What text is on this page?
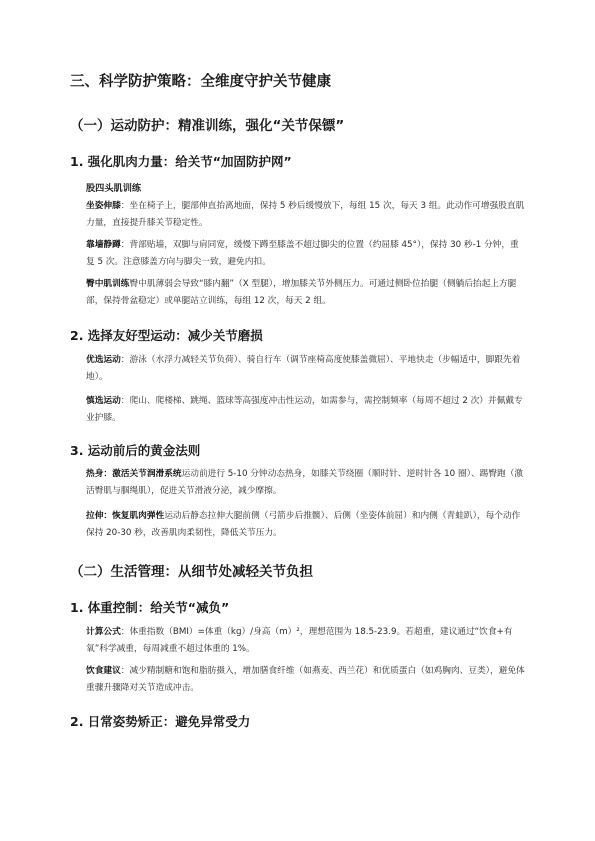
三、科学防护策略：全维度守护关节健康
（一）运动防护：精准训练，强化“关节保镖”
1. 强化肌肉力量：给关节“加固防护网”
股四头肌训练
坐姿伸膝：坐在椅子上，腿部伸直抬离地面，保持 5 秒后缓慢放下，每组 15 次，每天 3 组。此动作可增强股直肌力量，直接提升膝关节稳定性。
靠墙静蹲：背部贴墙，双脚与肩同宽，缓慢下蹲至膝盖不超过脚尖的位置（约屈膝 45°），保持 30 秒-1 分钟，重复 5 次。注意膝盖方向与脚尖一致，避免内扣。
臀中肌训练臀中肌薄弱会导致“膝内翻”（X 型腿），增加膝关节外侧压力。可通过侧卧位抬腿（侧躺后抬起上方腿部，保持骨盆稳定）或单腿站立训练，每组 12 次，每天 2 组。
2. 选择友好型运动：减少关节磨损
优选运动：游泳（水浮力减轻关节负荷）、骑自行车（调节座椅高度使膝盖微屈）、平地快走（步幅适中，脚跟先着地）。
慎选运动：爬山、爬楼梯、跳绳、篮球等高强度冲击性运动，如需参与，需控制频率（每周不超过 2 次）并佩戴专业护膝。
3. 运动前后的黄金法则
热身：激活关节润滑系统运动前进行 5-10 分钟动态热身，如膝关节绕圈（顺时针、逆时针各 10 圈）、踢臀跑（激活臀肌与腘绳肌），促进关节滑液分泌，减少摩擦。
拉伸：恢复肌肉弹性运动后静态拉伸大腿前侧（弓箭步后推髋）、后侧（坐姿体前屈）和内侧（青蛙趴），每个动作保持 20-30 秒，改善肌肉柔韧性，降低关节压力。
（二）生活管理：从细节处减轻关节负担
1. 体重控制：给关节“减负”
计算公式：体重指数（BMI）=体重（kg）/身高（m）²，理想范围为 18.5-23.9。若超重，建议通过“饮食+有氧”科学减重，每周减重不超过体重的 1%。
饮食建议：减少精制糖和饱和脂肪摄入，增加膳食纤维（如燕麦、西兰花）和优质蛋白（如鸡胸肉、豆类），避免体重骤升骤降对关节造成冲击。
2. 日常姿势矫正：避免异常受力
